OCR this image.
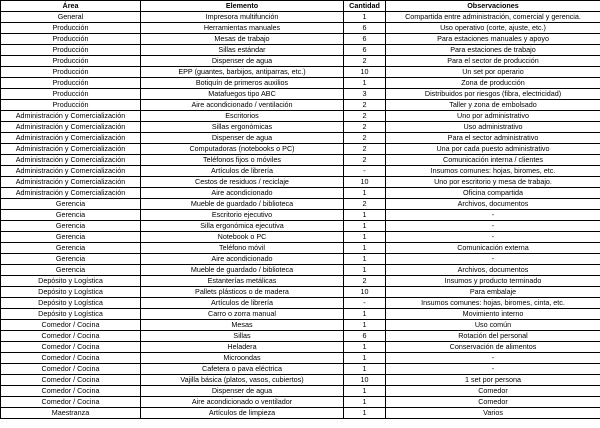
Área	Elemento	Cantidad	Observaciones
General	Impresora multifunción	1	Compartida entre administración, comercial y gerencia.
Producción	Herramientas manuales	6	Uso operativo (corte, ajuste, etc.)
Producción	Mesas de trabajo	6	Para estaciones manuales y apoyo
Producción	Sillas estándar	6	Para estaciones de trabajo
Producción	Dispenser de agua	2	Para el sector de producción
Producción	EPP (guantes, barbijos, antiparras, etc.)	10	Un set por operario
Producción	Botiquín de primeros auxilios	1	Zona de producción
Producción	Matafuegos tipo ABC	3	Distribuidos por riesgos (fibra, electricidad)
Producción	Aire acondicionado / ventilación	2	Taller y zona de embolsado
Administración y Comercialización	Escritorios	2	Uno por administrativo
Administración y Comercialización	Sillas ergonómicas	2	Uso administrativo
Administración y Comercialización	Dispenser de agua	2	Para el sector administrativo
Administración y Comercialización	Computadoras (notebooks o PC)	2	Una por cada puesto administrativo
Administración y Comercialización	Teléfonos fijos o móviles	2	Comunicación interna / clientes
Administración y Comercialización	Artículos de librería	-	Insumos comunes: hojas, biromes, etc.
Administración y Comercialización	Cestos de residuos / reciclaje	10	Uno por escritorio y mesa de trabajo.
Administración y Comercialización	Aire acondicionado	1	Oficina compartida
Gerencia	Mueble de guardado / biblioteca	2	Archivos, documentos
Gerencia	Escritorio ejecutivo	1	-
Gerencia	Silla ergonómica ejecutiva	1	-
Gerencia	Notebook o PC	1	-
Gerencia	Teléfono móvil	1	Comunicación externa
Gerencia	Aire acondicionado	1	-
Gerencia	Mueble de guardado / biblioteca	1	Archivos, documentos
Depósito y Logística	Estanterías metálicas	2	Insumos y producto terminado
Depósito y Logística	Pallets plásticos o de madera	10	Para embalaje
Depósito y Logística	Artículos de librería	-	Insumos comunes: hojas, biromes, cinta, etc.
Depósito y Logística	Carro o zorra manual	1	Movimiento interno
Comedor / Cocina	Mesas	1	Uso común
Comedor / Cocina	Sillas	6	Rotación del personal
Comedor / Cocina	Heladera	1	Conservación de alimentos
Comedor / Cocina	Microondas	1	-
Comedor / Cocina	Cafetera o pava eléctrica	1	-
Comedor / Cocina	Vajilla básica (platos, vasos, cubiertos)	10	1 set por persona
Comedor / Cocina	Dispenser de agua	1	Comedor
Comedor / Cocina	Aire acondicionado o ventilador	1	Comedor
Maestranza	Artículos de limpieza	1	Varios
